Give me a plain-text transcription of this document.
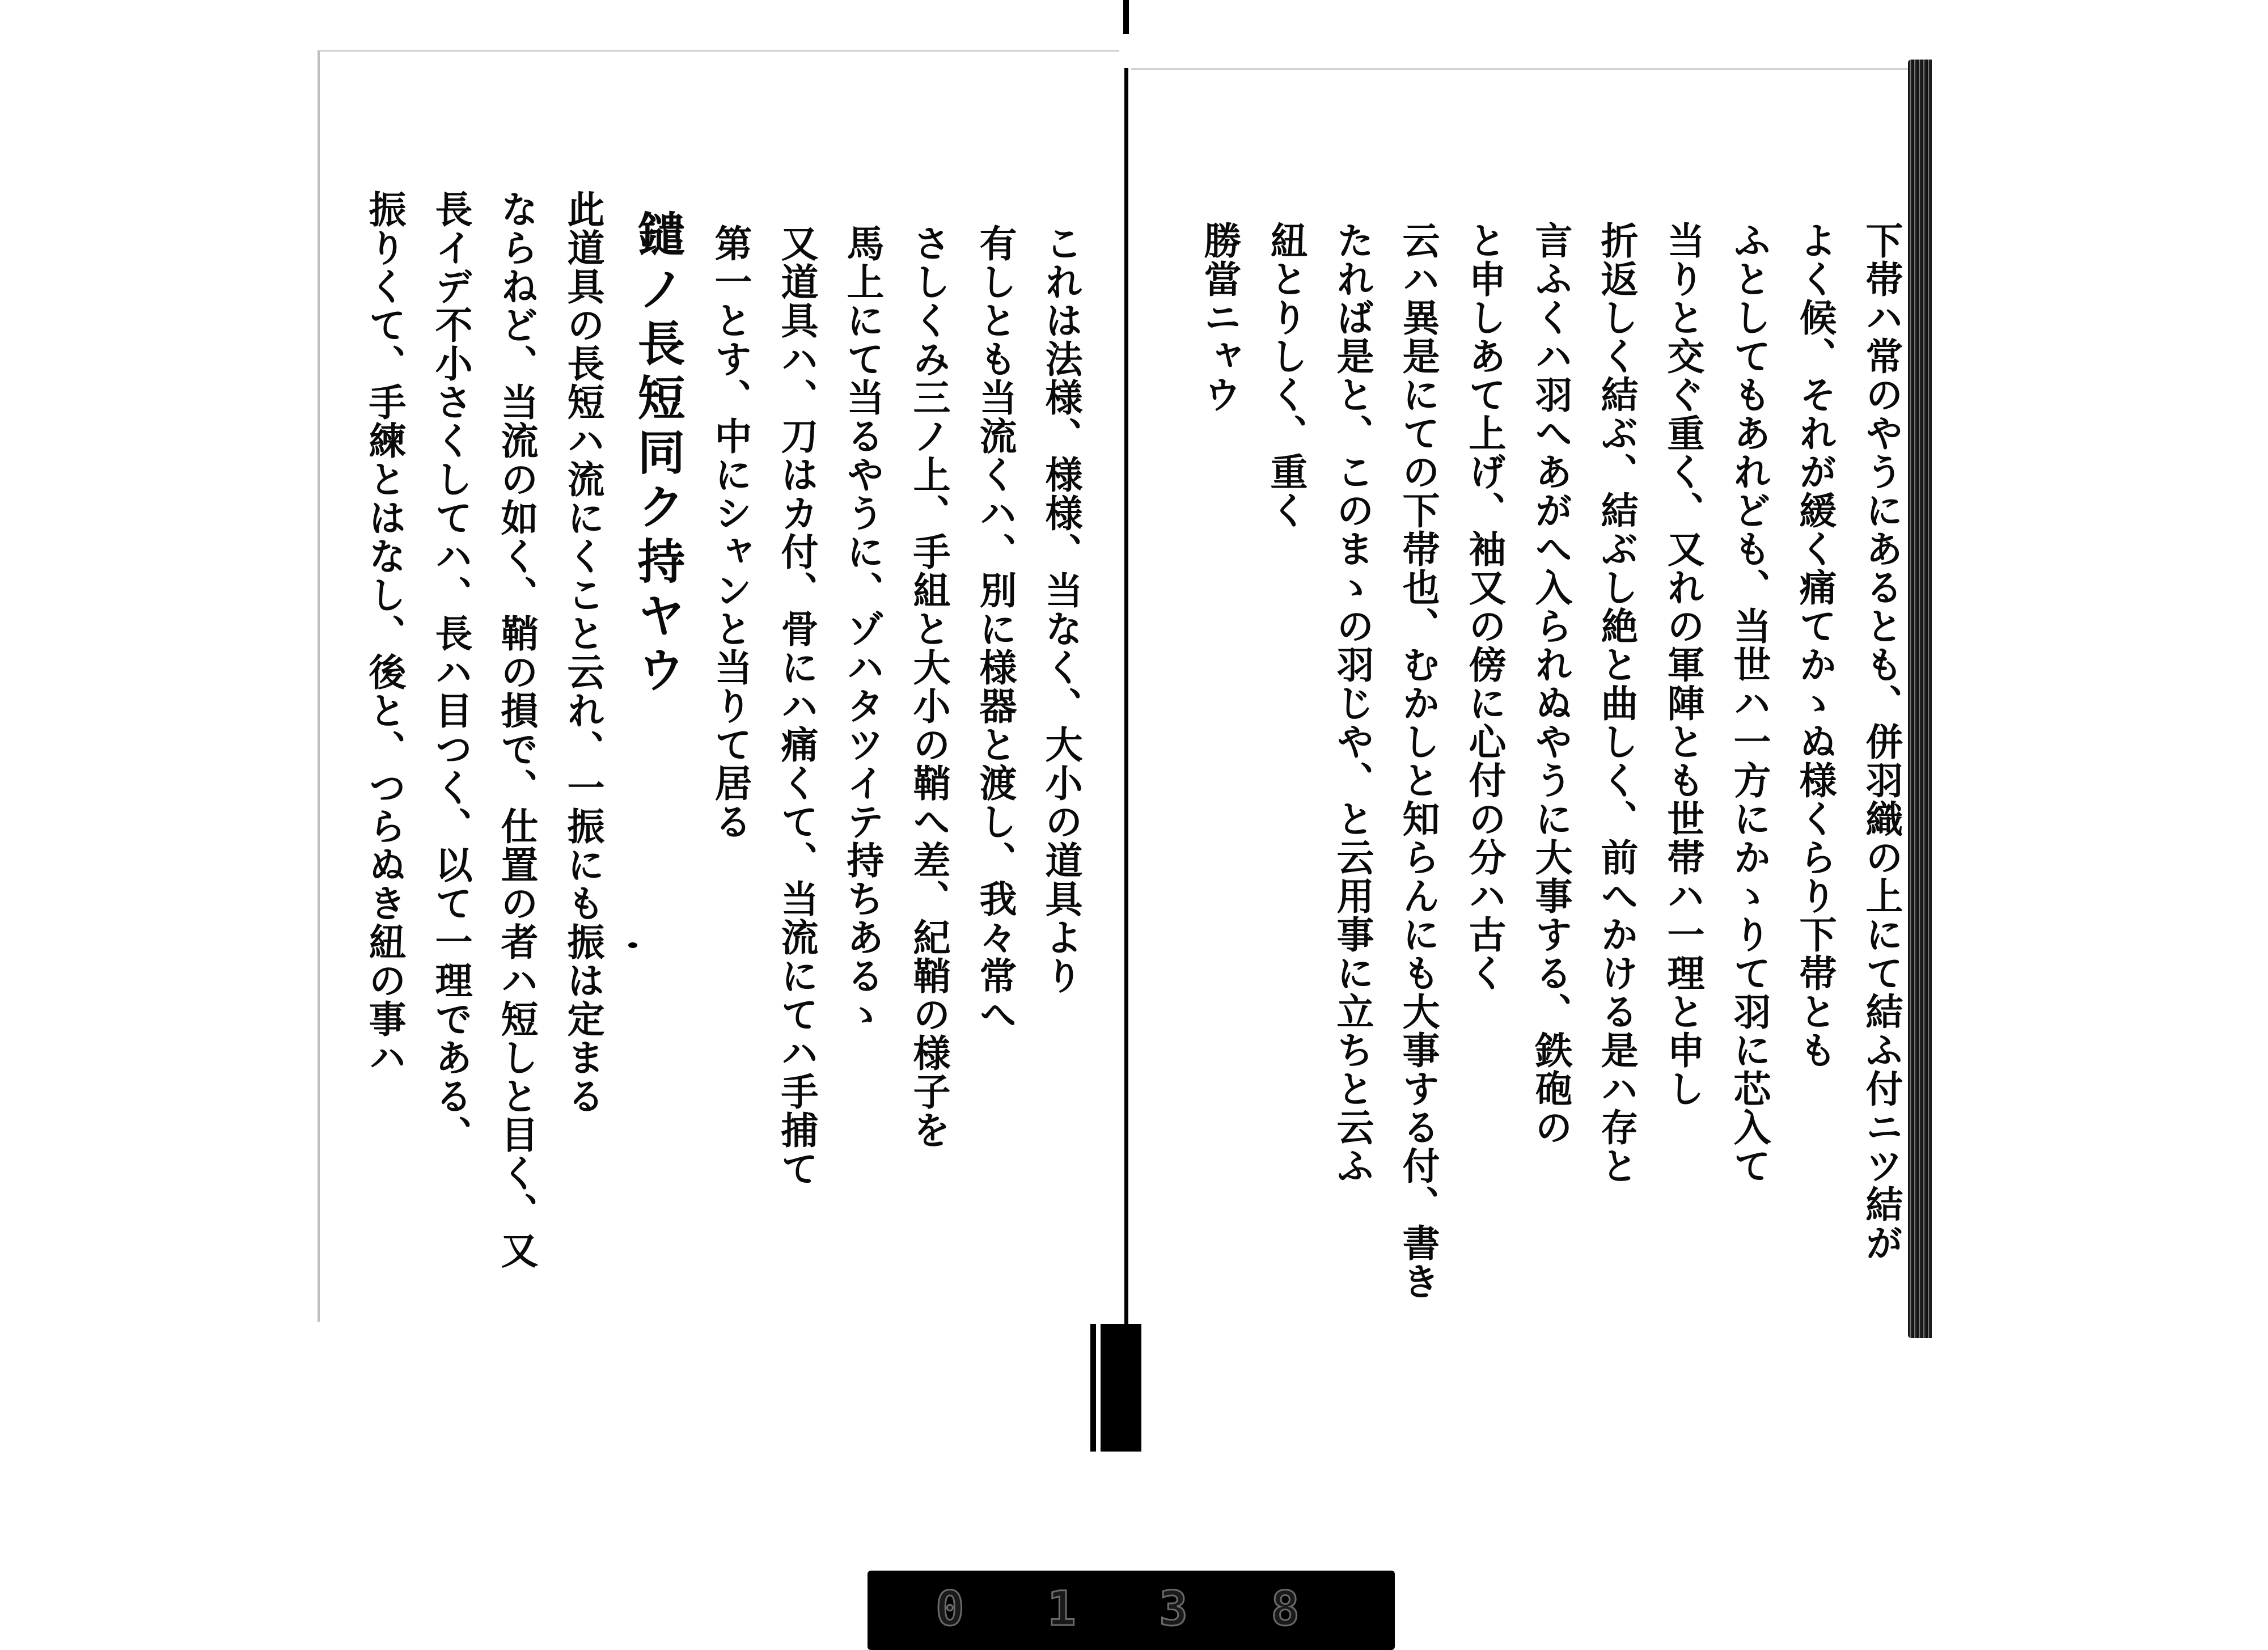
下帯ハ常のやうにあるとも、併羽織の上にて結ふ付ニツ結が
よく候、それが緩く痛てかゝぬ様くらり下帯とも
ふとしてもあれども、当世ハ一方にかゝりて羽に芯入て
当りと交ぐ重く、又れの軍陣とも世帯ハ一理と申し
折返しく結ぶ、結ぶし絶と曲しく、前へかける是ハ存と
言ふくハ羽へあがへ入られぬやうに大事する、鉄砲の
と申しあて上げ、袖又の傍に心付の分ハ古く
云ハ異是にての下帯也、むかしと知らんにも大事する付、書き
たれば是と、このまゝの羽じや、と云用事に立ちと云ふ
紐とりしく、重く
勝當ニャウ
これは法様、様様、当なく、大小の道具より
有しとも当流くハ、別に様器と渡し、我々常へ
さしくみ三ノ上、手組と大小の鞘へ差、紀鞘の様子を
馬上にて当るやうに、ゾハタツイテ持ちあるゝ
又道具ハ、刀はカ付、骨にハ痛くて、当流にてハ手捕て
第一とす、中にシャンと当りて居る
鑓ノ長短同ク持ヤウ
此道具の長短ハ流にくこと云れ、一振にも振は定まる
ならねど、当流の如く、鞘の損で、仕置の者ハ短しと目く、又
長イデ不小さくしてハ、長ハ目つく、以て一理である、
振りくて、手練とはなし、後と、つらぬき紐の事ハ
0 1 3 8
